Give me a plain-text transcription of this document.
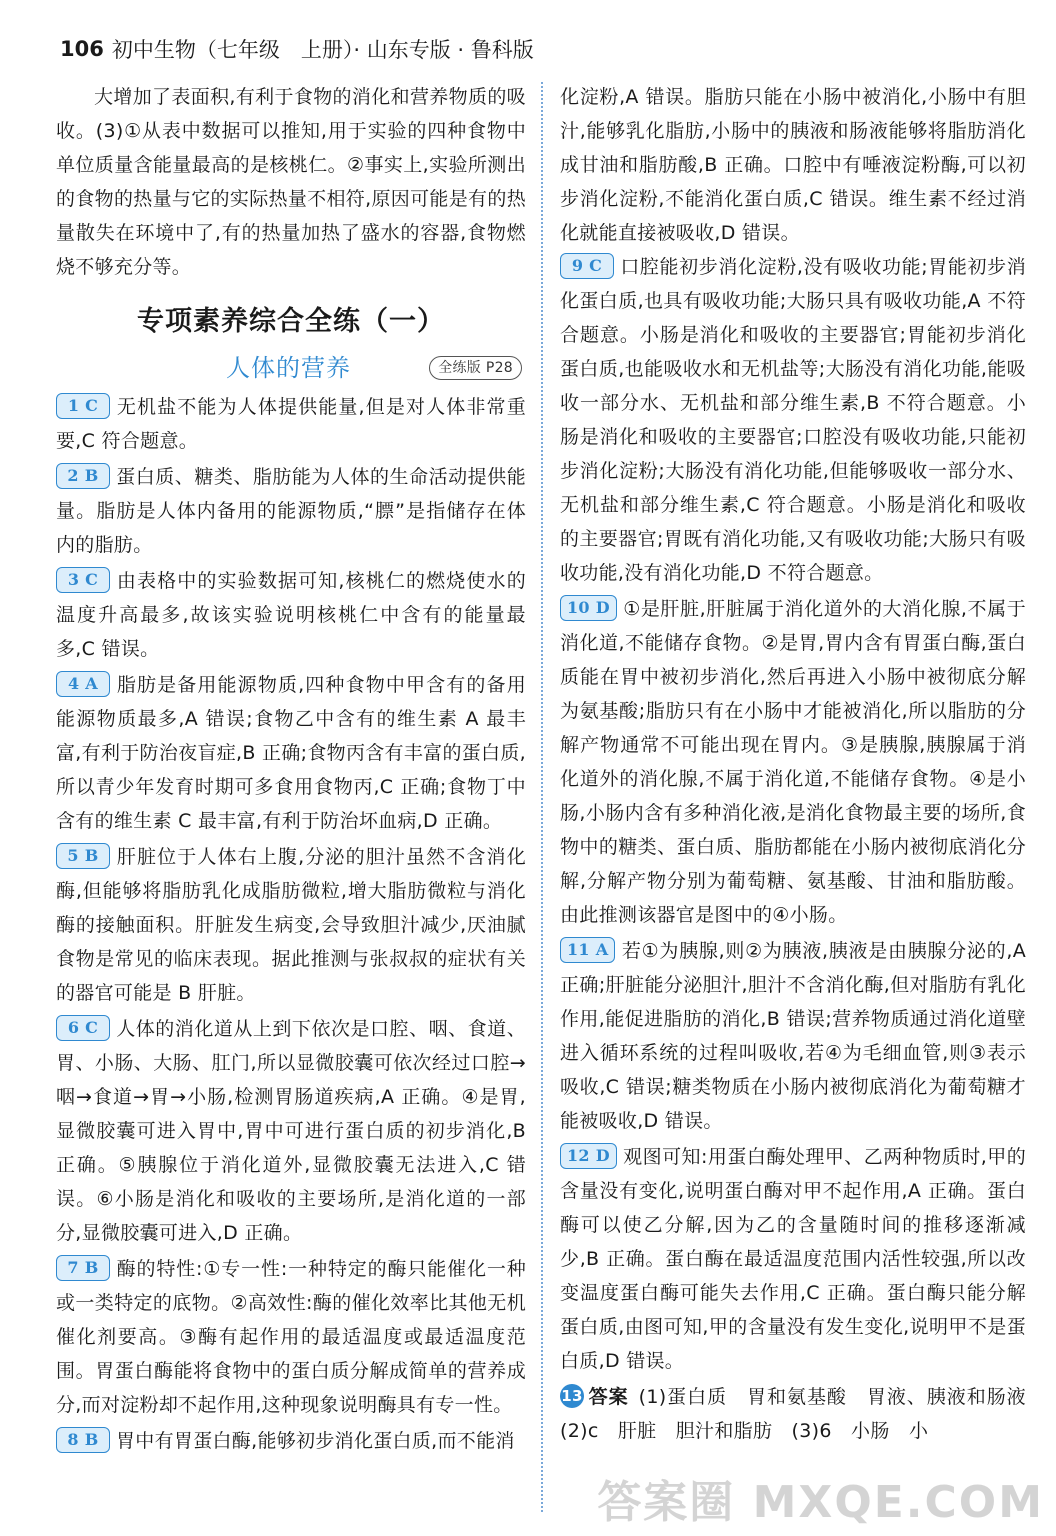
106 初中生物（七年级　上册）· 山东专版 · 鲁科版

大增加了表面积,有利于食物的消化和营养物质的吸收。(3)①从表中数据可以推知,用于实验的四种食物中单位质量含能量最高的是核桃仁。②事实上,实验所测出的食物的热量与它的实际热量不相符,原因可能是有的热量散失在环境中了,有的热量加热了盛水的容器,食物燃烧不够充分等。

专项素养综合全练（一）
人体的营养	全练版 P28

1 C 无机盐不能为人体提供能量,但是对人体非常重要,C 符合题意。

2 B 蛋白质、糖类、脂肪能为人体的生命活动提供能量。脂肪是人体内备用的能源物质,“膘”是指储存在体内的脂肪。

3 C 由表格中的实验数据可知,核桃仁的燃烧使水的温度升高最多,故该实验说明核桃仁中含有的能量最多,C 错误。

4 A 脂肪是备用能源物质,四种食物中甲含有的备用能源物质最多,A 错误;食物乙中含有的维生素 A 最丰富,有利于防治夜盲症,B 正确;食物丙含有丰富的蛋白质,所以青少年发育时期可多食用食物丙,C 正确;食物丁中含有的维生素 C 最丰富,有利于防治坏血病,D 正确。

5 B 肝脏位于人体右上腹,分泌的胆汁虽然不含消化酶,但能够将脂肪乳化成脂肪微粒,增大脂肪微粒与消化酶的接触面积。肝脏发生病变,会导致胆汁减少,厌油腻食物是常见的临床表现。据此推测与张叔叔的症状有关的器官可能是 B 肝脏。

6 C 人体的消化道从上到下依次是口腔、咽、食道、胃、小肠、大肠、肛门,所以显微胶囊可依次经过口腔→咽→食道→胃→小肠,检测胃肠道疾病,A 正确。④是胃,显微胶囊可进入胃中,胃中可进行蛋白质的初步消化,B 正确。⑤胰腺位于消化道外,显微胶囊无法进入,C 错误。⑥小肠是消化和吸收的主要场所,是消化道的一部分,显微胶囊可进入,D 正确。

7 B 酶的特性:①专一性:一种特定的酶只能催化一种或一类特定的底物。②高效性:酶的催化效率比其他无机催化剂要高。③酶有起作用的最适温度或最适温度范围。胃蛋白酶能将食物中的蛋白质分解成简单的营养成分,而对淀粉却不起作用,这种现象说明酶具有专一性。

8 B 胃中有胃蛋白酶,能够初步消化蛋白质,而不能消

化淀粉,A 错误。脂肪只能在小肠中被消化,小肠中有胆汁,能够乳化脂肪,小肠中的胰液和肠液能够将脂肪消化成甘油和脂肪酸,B 正确。口腔中有唾液淀粉酶,可以初步消化淀粉,不能消化蛋白质,C 错误。维生素不经过消化就能直接被吸收,D 错误。

9 C 口腔能初步消化淀粉,没有吸收功能;胃能初步消化蛋白质,也具有吸收功能;大肠只具有吸收功能,A 不符合题意。小肠是消化和吸收的主要器官;胃能初步消化蛋白质,也能吸收水和无机盐等;大肠没有消化功能,能吸收一部分水、无机盐和部分维生素,B 不符合题意。小肠是消化和吸收的主要器官;口腔没有吸收功能,只能初步消化淀粉;大肠没有消化功能,但能够吸收一部分水、无机盐和部分维生素,C 符合题意。小肠是消化和吸收的主要器官;胃既有消化功能,又有吸收功能;大肠只有吸收功能,没有消化功能,D 不符合题意。

10 D ①是肝脏,肝脏属于消化道外的大消化腺,不属于消化道,不能储存食物。②是胃,胃内含有胃蛋白酶,蛋白质能在胃中被初步消化,然后再进入小肠中被彻底分解为氨基酸;脂肪只有在小肠中才能被消化,所以脂肪的分解产物通常不可能出现在胃内。③是胰腺,胰腺属于消化道外的消化腺,不属于消化道,不能储存食物。④是小肠,小肠内含有多种消化液,是消化食物最主要的场所,食物中的糖类、蛋白质、脂肪都能在小肠内被彻底消化分解,分解产物分别为葡萄糖、氨基酸、甘油和脂肪酸。由此推测该器官是图中的④小肠。

11 A 若①为胰腺,则②为胰液,胰液是由胰腺分泌的,A 正确;肝脏能分泌胆汁,胆汁不含消化酶,但对脂肪有乳化作用,能促进脂肪的消化,B 错误;营养物质通过消化道壁进入循环系统的过程叫吸收,若④为毛细血管,则③表示吸收,C 错误;糖类物质在小肠内被彻底消化为葡萄糖才能被吸收,D 错误。

12 D 观图可知:用蛋白酶处理甲、乙两种物质时,甲的含量没有变化,说明蛋白酶对甲不起作用,A 正确。蛋白酶可以使乙分解,因为乙的含量随时间的推移逐渐减少,B 正确。蛋白酶在最适温度范围内活性较强,所以改变温度蛋白酶可能失去作用,C 正确。蛋白酶只能分解蛋白质,由图可知,甲的含量没有发生变化,说明甲不是蛋白质,D 错误。

13 答案 (1)蛋白质　胃和氨基酸　胃液、胰液和肠液　(2)c　肝脏　胆汁和脂肪　(3)6　小肠　小

答案圈 MXQE.COM
